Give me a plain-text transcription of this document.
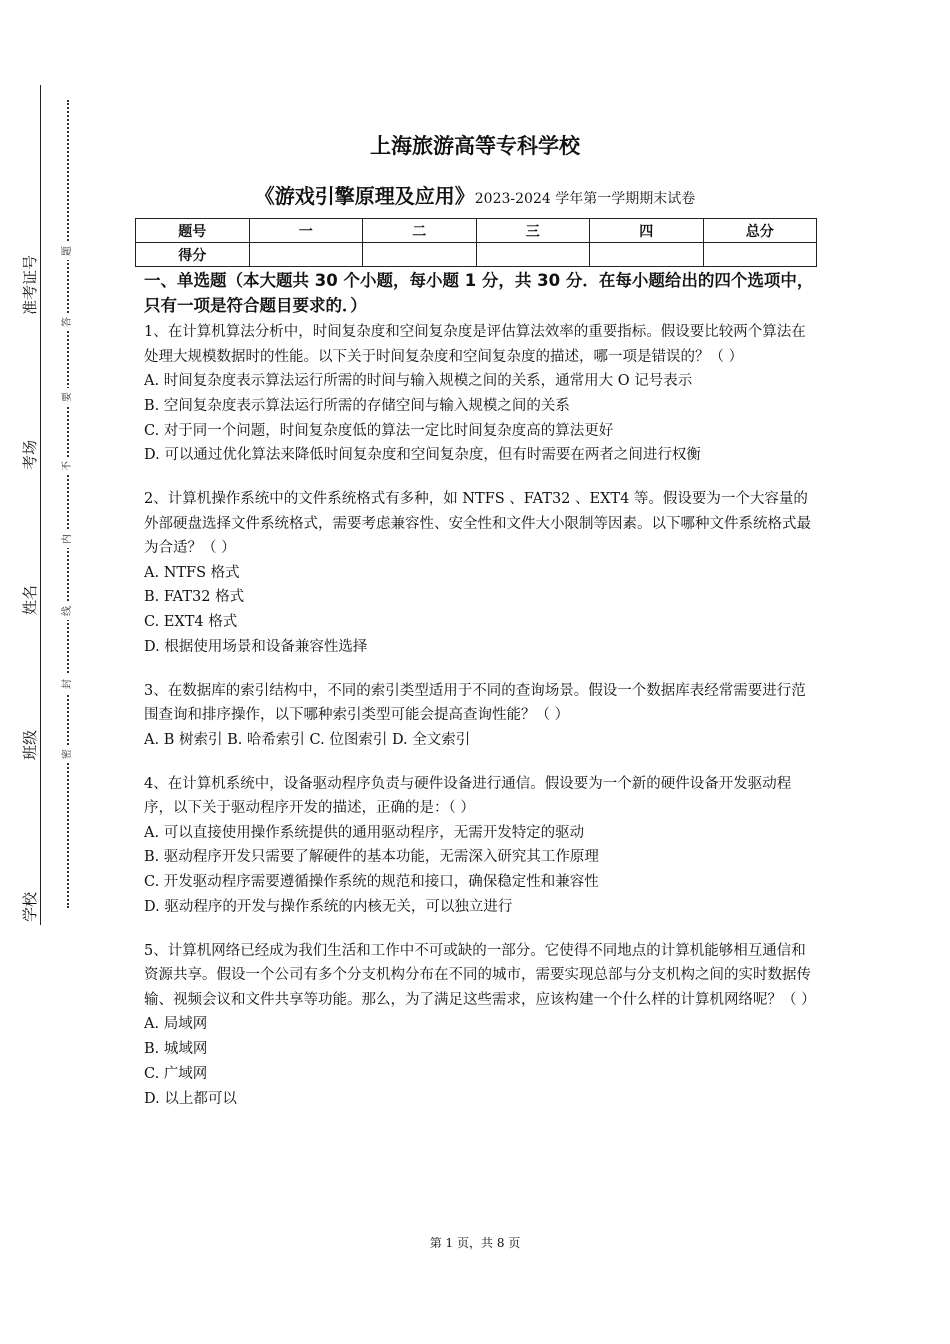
准考证号
考场
姓名
班级
学校
题
答
要
不
内
线
封
密
上海旅游高等专科学校
《游戏引擎原理及应用》2023-2024 学年第一学期期末试卷
题号	一	二	三	四	总分
得分					

一、单选题（本大题共 30 个小题，每小题 1 分，共 30 分．在每小题给出的四个选项中，只有一项是符合题目要求的．）

1、在计算机算法分析中，时间复杂度和空间复杂度是评估算法效率的重要指标。假设要比较两个算法在处理大规模数据时的性能。以下关于时间复杂度和空间复杂度的描述，哪一项是错误的？（ ）

A. 时间复杂度表示算法运行所需的时间与输入规模之间的关系，通常用大 O 记号表示

B. 空间复杂度表示算法运行所需的存储空间与输入规模之间的关系

C. 对于同一个问题，时间复杂度低的算法一定比时间复杂度高的算法更好

D. 可以通过优化算法来降低时间复杂度和空间复杂度，但有时需要在两者之间进行权衡

2、计算机操作系统中的文件系统格式有多种，如 NTFS 、FAT32 、EXT4 等。假设要为一个大容量的外部硬盘选择文件系统格式，需要考虑兼容性、安全性和文件大小限制等因素。以下哪种文件系统格式最为合适？（ ）

A. NTFS 格式

B. FAT32 格式

C. EXT4 格式

D. 根据使用场景和设备兼容性选择

3、在数据库的索引结构中，不同的索引类型适用于不同的查询场景。假设一个数据库表经常需要进行范围查询和排序操作，以下哪种索引类型可能会提高查询性能？（ ）

A. B 树索引 B. 哈希索引 C. 位图索引 D. 全文索引

4、在计算机系统中，设备驱动程序负责与硬件设备进行通信。假设要为一个新的硬件设备开发驱动程序，以下关于驱动程序开发的描述，正确的是：（ ）

A. 可以直接使用操作系统提供的通用驱动程序，无需开发特定的驱动

B. 驱动程序开发只需要了解硬件的基本功能，无需深入研究其工作原理

C. 开发驱动程序需要遵循操作系统的规范和接口，确保稳定性和兼容性

D. 驱动程序的开发与操作系统的内核无关，可以独立进行

5、计算机网络已经成为我们生活和工作中不可或缺的一部分。它使得不同地点的计算机能够相互通信和资源共享。假设一个公司有多个分支机构分布在不同的城市，需要实现总部与分支机构之间的实时数据传输、视频会议和文件共享等功能。那么，为了满足这些需求，应该构建一个什么样的计算机网络呢？（ ）

A. 局域网

B. 城域网

C. 广域网

D. 以上都可以

第 1 页，共 8 页
